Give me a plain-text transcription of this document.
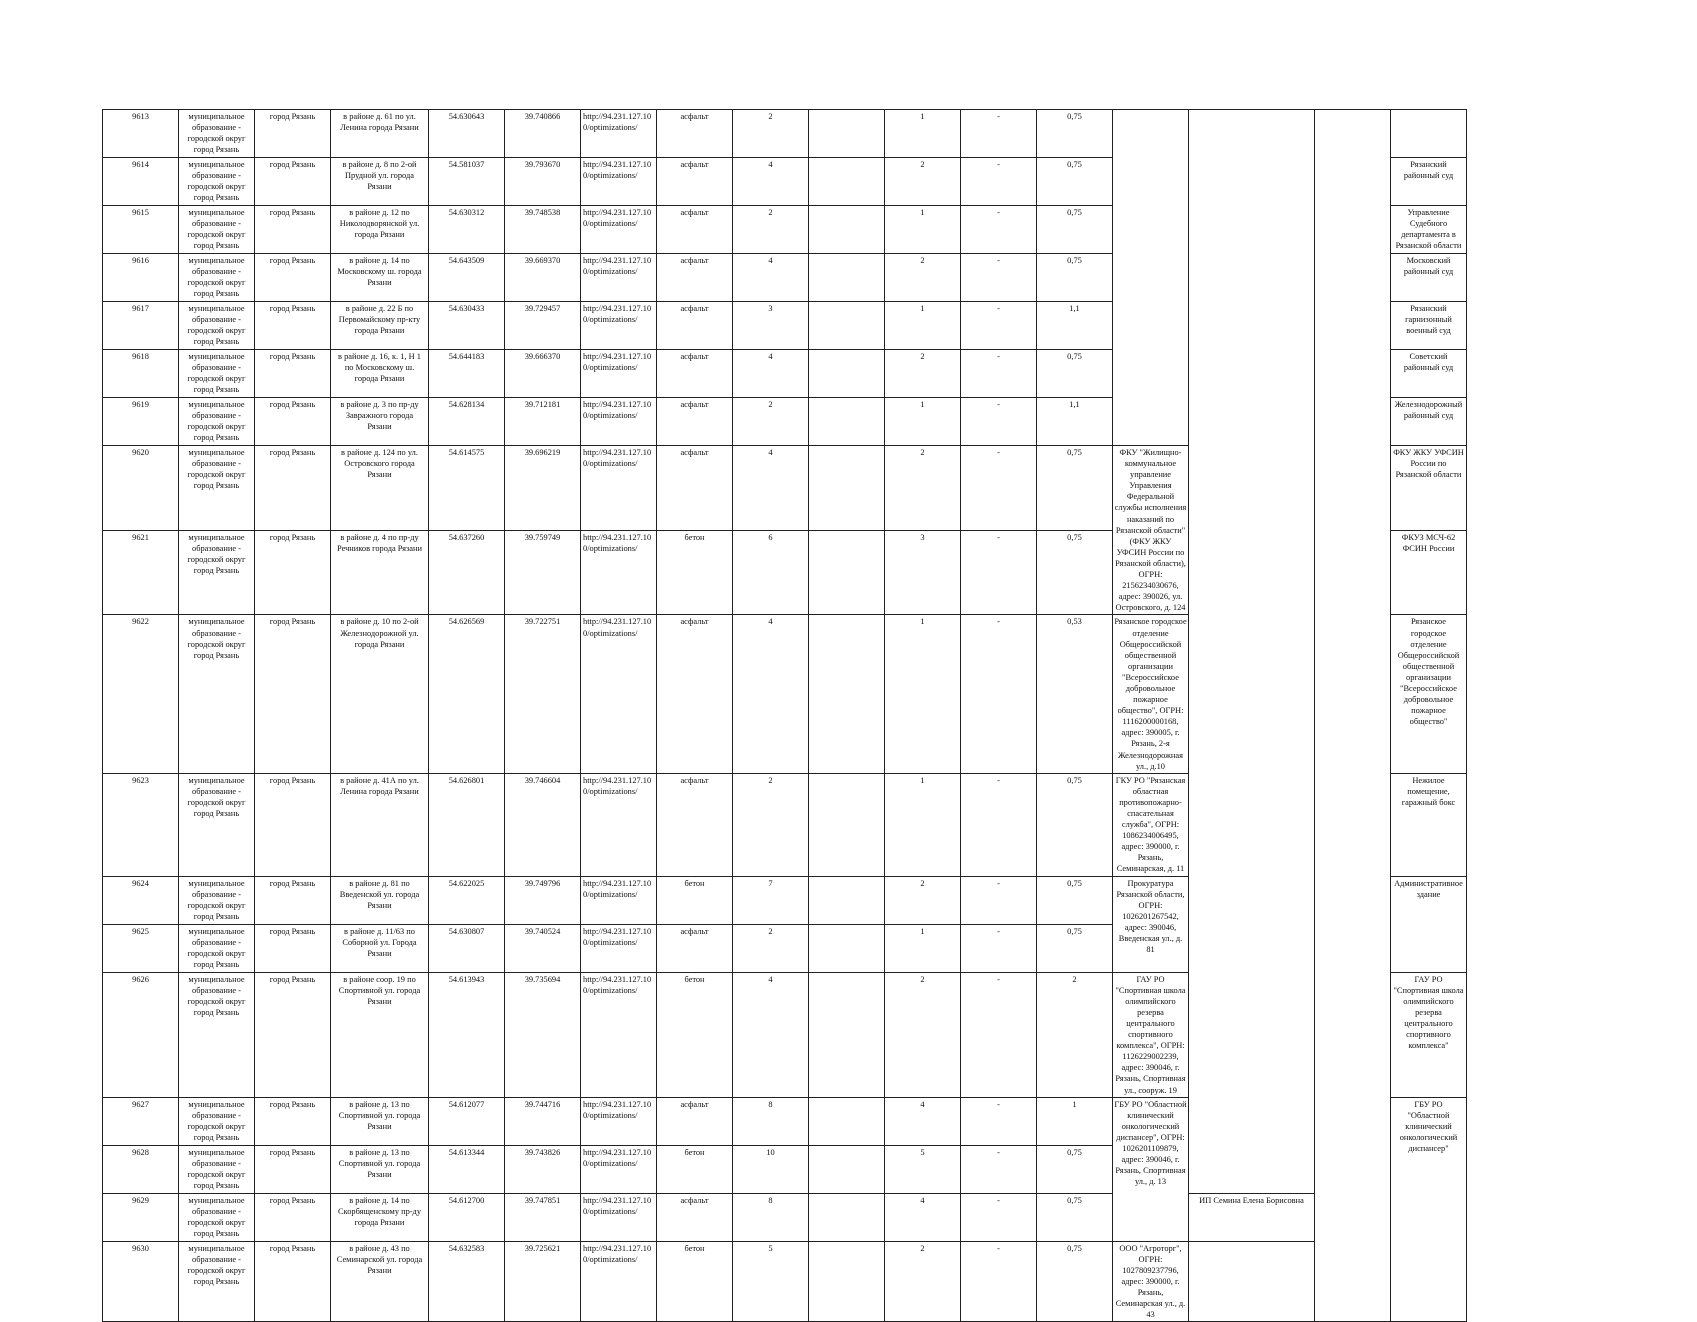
9613	муниципальное образование - городской округ город Рязань	город Рязань	в районе д. 61 по ул. Ленина города Рязани	54.630643	39.740866	http://94.231.127.100/optimizations/	асфальт	2		1	-	0,75				
9614	муниципальное образование - городской округ город Рязань	город Рязань	в районе д. 8 по 2-ой Прудной ул. города Рязани	54.581037	39.793670	http://94.231.127.100/optimizations/	асфальт	4		2	-	0,75				Рязанский районный суд
9615	муниципальное образование - городской округ город Рязань	город Рязань	в районе д. 12 по Николодворянской ул. города Рязани	54.630312	39.748538	http://94.231.127.100/optimizations/	асфальт	2		1	-	0,75				Управление Судебного департамента в Рязанской области
9616	муниципальное образование - городской округ город Рязань	город Рязань	в районе д. 14 по Московскому ш. города Рязани	54.643509	39.669370	http://94.231.127.100/optimizations/	асфальт	4		2	-	0,75				Московский районный суд
9617	муниципальное образование - городской округ город Рязань	город Рязань	в районе д. 22 Б по Первомайскому пр-кту города Рязани	54.630433	39.729457	http://94.231.127.100/optimizations/	асфальт	3		1	-	1,1				Рязанский гарнизонный военный суд
9618	муниципальное образование - городской округ город Рязань	город Рязань	в районе д. 16, к. 1, Н 1 по Московскому ш. города Рязани	54.644183	39.666370	http://94.231.127.100/optimizations/	асфальт	4		2	-	0,75				Советский районный суд
9619	муниципальное образование - городской округ город Рязань	город Рязань	в районе д. 3 по пр-ду Завражного города Рязани	54.628134	39.712181	http://94.231.127.100/optimizations/	асфальт	2		1	-	1,1				Железнодорожный районный суд
9620	муниципальное образование - городской округ город Рязань	город Рязань	в районе д. 124 по ул. Островского города Рязани	54.614575	39.696219	http://94.231.127.100/optimizations/	асфальт	4		2	-	0,75	ФКУ "Жилищно-коммунальное управление Управления Федеральной службы исполнения наказаний по Рязанской области" (ФКУ ЖКУ УФСИН России по Рязанской области), ОГРН: 2156234030676, адрес: 390026, ул. Островского, д. 124			ФКУ ЖКУ УФСИН России по Рязанской области
9621	муниципальное образование - городской округ город Рязань	город Рязань	в районе д. 4 по пр-ду Речников города Рязани	54.637260	39.759749	http://94.231.127.100/optimizations/	бетон	6		3	-	0,75				ФКУЗ МСЧ-62 ФСИН России
9622	муниципальное образование - городской округ город Рязань	город Рязань	в районе д. 10 по 2-ой Железнодорожной ул. города Рязани	54.626569	39.722751	http://94.231.127.100/optimizations/	асфальт	4		1	-	0,53	Рязанское городское отделение Общероссийской общественной организации "Всероссийское добровольное пожарное общество", ОГРН: 1116200000168, адрес: 390005, г. Рязань, 2-я Железнодорожная ул., д.10			Рязанское городское отделение Общероссийской общественной организации "Всероссийское добровольное пожарное общество"
9623	муниципальное образование - городской округ город Рязань	город Рязань	в районе д. 41А по ул. Ленина города Рязани	54.626801	39.746604	http://94.231.127.100/optimizations/	асфальт	2		1	-	0,75	ГКУ РО "Рязанская областная противопожарно-спасательная служба", ОГРН: 1086234006495, адрес: 390000, г. Рязань, Семинарская, д. 11			Нежилое помещение, гаражный бокс
9624	муниципальное образование - городской округ город Рязань	город Рязань	в районе д. 81 по Введенской ул. города Рязани	54.622025	39.749796	http://94.231.127.100/optimizations/	бетон	7		2	-	0,75	Прокуратура Рязанской области, ОГРН: 1026201267542, адрес: 390046, Введенская ул., д. 81			Административное здание
9625	муниципальное образование - городской округ город Рязань	город Рязань	в районе д. 11/63 по Соборной ул. Города Рязани	54.630807	39.740524	http://94.231.127.100/optimizations/	асфальт	2		1	-	0,75				
9626	муниципальное образование - городской округ город Рязань	город Рязань	в районе соор. 19 по Спортивной ул. города Рязани	54.613943	39.735694	http://94.231.127.100/optimizations/	бетон	4		2	-	2	ГАУ РО "Спортивная школа олимпийского резерва центрального спортивного комплекса", ОГРН: 1126229002239, адрес: 390046, г. Рязань, Спортивная ул., сооруж. 19			ГАУ РО "Спортивная школа олимпийского резерва центрального спортивного комплекса"
9627	муниципальное образование - городской округ город Рязань	город Рязань	в районе д. 13 по Спортивной ул. города Рязани	54.612077	39.744716	http://94.231.127.100/optimizations/	асфальт	8		4	-	1	ГБУ РО "Областной клинический онкологический диспансер", ОГРН: 1026201109879, адрес: 390046, г. Рязань, Спортивная ул., д. 13			ГБУ РО "Областной клинический онкологический диспансер"
9628	муниципальное образование - городской округ город Рязань	город Рязань	в районе д. 13 по Спортивной ул. города Рязани	54.613344	39.743826	http://94.231.127.100/optimizations/	бетон	10		5	-	0,75				
9629	муниципальное образование - городской округ город Рязань	город Рязань	в районе д. 14 по Скорбященскому пр-ду города Рязани	54.612700	39.747851	http://94.231.127.100/optimizations/	асфальт	8		4	-	0,75		ИП Семина Елена Борисовна		
9630	муниципальное образование - городской округ город Рязань	город Рязань	в районе д. 43 по Семинарской ул. города Рязани	54.632583	39.725621	http://94.231.127.100/optimizations/	бетон	5		2	-	0,75	ООО "Агроторг", ОГРН: 1027809237796, адрес: 390000, г. Рязань, Семинарская ул., д. 43			
